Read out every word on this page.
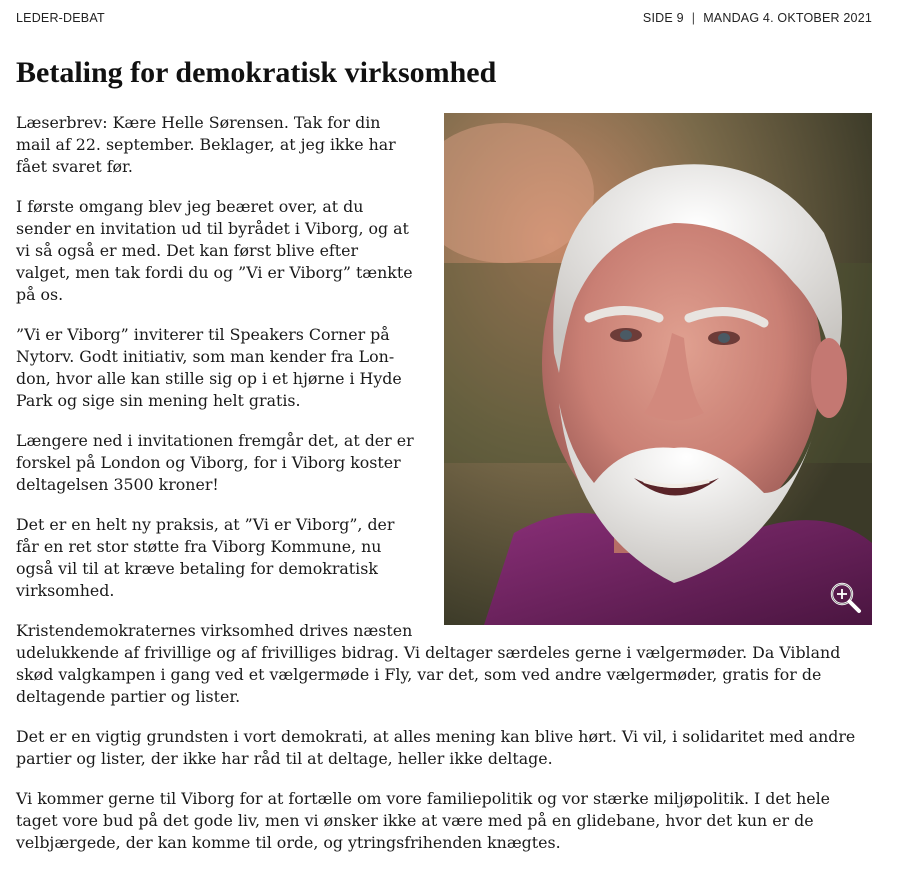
LEDER-DEBAT	SIDE 9 | MANDAG 4. OKTOBER 2021
Betaling for demokratisk virksomhed

Læserbrev: Kære Helle Sørensen. Tak for din mail af 22. september. Beklager, at jeg ikke har fået svaret før.

I første omgang blev jeg beæret over, at du sender en invitation ud til byrådet i Viborg, og at vi så også er med. Det kan først blive efter valget, men tak fordi du og ”Vi er Viborg” tænkte på os.

”Vi er Viborg” inviterer til Speakers Corner på Nytorv. Godt initiativ, som man kender fra London, hvor alle kan stille sig op i et hjørne i Hyde Park og sige sin mening helt gratis.

Længere ned i invitationen fremgår det, at der er forskel på London og Viborg, for i Viborg koster deltagelsen 3500 kroner!

Det er en helt ny praksis, at ”Vi er Viborg”, der får en ret stor støtte fra Viborg Kommune, nu også vil til at kræve betaling for demokratisk virksomhed.

Kristendemokraternes virksomhed drives næsten udelukkende af frivillige og af frivilliges bidrag. Vi deltager særdeles gerne i vælgermøder. Da Vibland skød valgkampen i gang ved et vælgermøde i Fly, var det, som ved andre vælgermøder, gratis for de deltagende partier og lister.

Det er en vigtig grundsten i vort demokrati, at alles mening kan blive hørt. Vi vil, i solidaritet med andre partier og lister, der ikke har råd til at deltage, heller ikke deltage.

Vi kommer gerne til Viborg for at fortælle om vore familiepolitik og vor stærke miljøpolitik. I det hele taget vore bud på det gode liv, men vi ønsker ikke at være med på en glidebane, hvor det kun er de velbjærgede, der kan komme til orde, og ytringsfrihenden knægtes.
